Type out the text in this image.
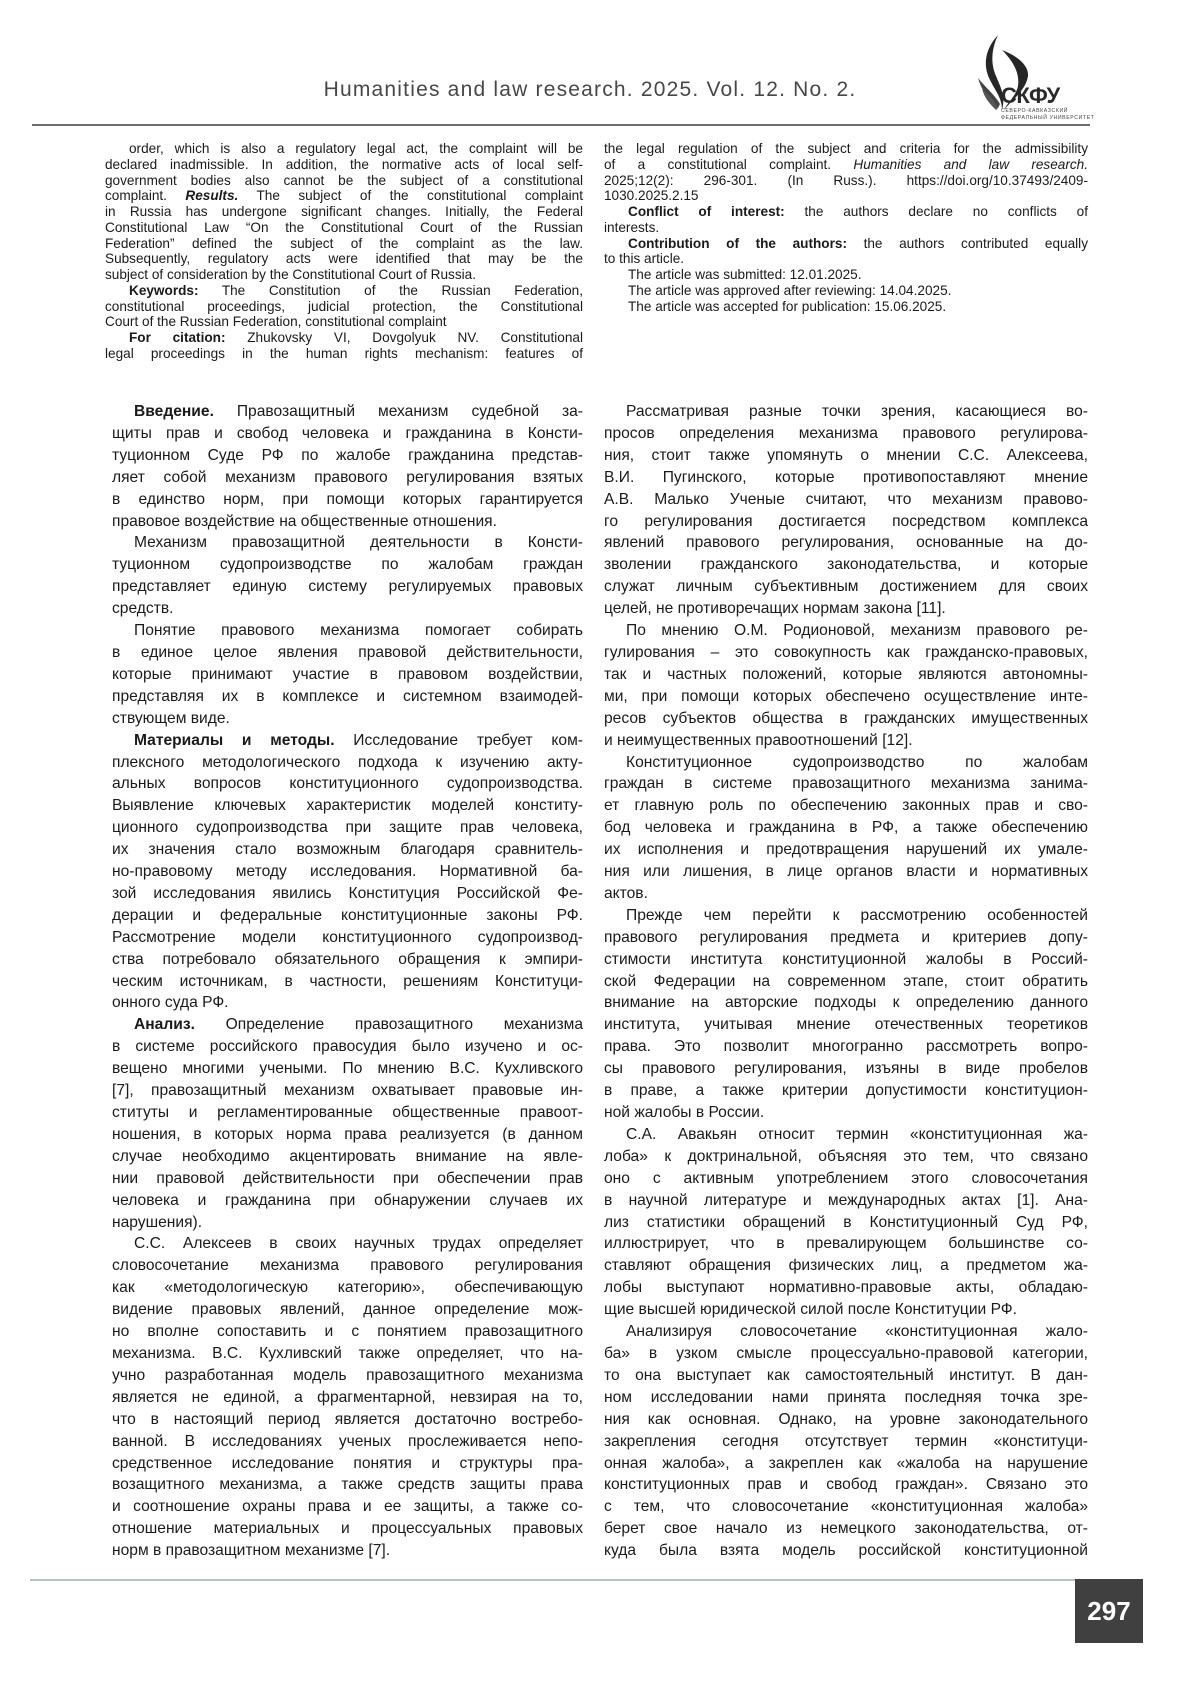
Humanities and law research. 2025. Vol. 12. No. 2.	СКФУ
СЕВЕРО-КАВКАЗСКИЙ
ФЕДЕРАЛЬНЫЙ УНИВЕРСИТЕТ
order, which is also a regulatory legal act, the complaint will be
declared inadmissible. In addition, the normative acts of local self-
government bodies also cannot be the subject of a constitutional
complaint. Results. The subject of the constitutional complaint
in Russia has undergone significant changes. Initially, the Federal
Constitutional Law “On the Constitutional Court of the Russian
Federation” defined the subject of the complaint as the law.
Subsequently, regulatory acts were identified that may be the
subject of consideration by the Constitutional Court of Russia.
Keywords: The Constitution of the Russian Federation,
constitutional proceedings, judicial protection, the Constitutional
Court of the Russian Federation, constitutional complaint
For citation: Zhukovsky VI, Dovgolyuk NV. Constitutional
legal proceedings in the human rights mechanism: features of
the legal regulation of the subject and criteria for the admissibility
of a constitutional complaint. Humanities and law research.
2025;12(2): 296-301. (In Russ.). https://doi.org/10.37493/2409-
1030.2025.2.15
Conflict of interest: the authors declare no conflicts of
interests.
Contribution of the authors: the authors contributed equally
to this article.
The article was submitted: 12.01.2025.
The article was approved after reviewing: 14.04.2025.
The article was accepted for publication: 15.06.2025.
Введение. Правозащитный механизм судебной за-
щиты прав и свобод человека и гражданина в Консти-
туционном Суде РФ по жалобе гражданина представ-
ляет собой механизм правового регулирования взятых
в единство норм, при помощи которых гарантируется
правовое воздействие на общественные отношения.
Механизм правозащитной деятельности в Консти-
туционном судопроизводстве по жалобам граждан
представляет единую систему регулируемых правовых
средств.
Понятие правового механизма помогает собирать
в единое целое явления правовой действительности,
которые принимают участие в правовом воздействии,
представляя их в комплексе и системном взаимодей-
ствующем виде.
Материалы и методы. Исследование требует ком-
плексного методологического подхода к изучению акту-
альных вопросов конституционного судопроизводства.
Выявление ключевых характеристик моделей конститу-
ционного судопроизводства при защите прав человека,
их значения стало возможным благодаря сравнитель-
но-правовому методу исследования. Нормативной ба-
зой исследования явились Конституция Российской Фе-
дерации и федеральные конституционные законы РФ.
Рассмотрение модели конституционного судопроизвод-
ства потребовало обязательного обращения к эмпири-
ческим источникам, в частности, решениям Конституци-
онного суда РФ.
Анализ. Определение правозащитного механизма
в системе российского правосудия было изучено и ос-
вещено многими учеными. По мнению В.С. Кухливского
[7], правозащитный механизм охватывает правовые ин-
ституты и регламентированные общественные правоот-
ношения, в которых норма права реализуется (в данном
случае необходимо акцентировать внимание на явле-
нии правовой действительности при обеспечении прав
человека и гражданина при обнаружении случаев их
нарушения).
С.С. Алексеев в своих научных трудах определяет
словосочетание механизма правового регулирования
как «методологическую категорию», обеспечивающую
видение правовых явлений, данное определение мож-
но вполне сопоставить и с понятием правозащитного
механизма. В.С. Кухливский также определяет, что на-
учно разработанная модель правозащитного механизма
является не единой, а фрагментарной, невзирая на то,
что в настоящий период является достаточно востребо-
ванной. В исследованиях ученых прослеживается непо-
средственное исследование понятия и структуры пра-
возащитного механизма, а также средств защиты права
и соотношение охраны права и ее защиты, а также со-
отношение материальных и процессуальных правовых
норм в правозащитном механизме [7].
Рассматривая разные точки зрения, касающиеся во-
просов определения механизма правового регулирова-
ния, стоит также упомянуть о мнении С.С. Алексеева,
В.И. Пугинского, которые противопоставляют мнение
А.В. Малько Ученые считают, что механизм правово-
го регулирования достигается посредством комплекса
явлений правового регулирования, основанные на до-
зволении гражданского законодательства, и которые
служат личным субъективным достижением для своих
целей, не противоречащих нормам закона [11].
По мнению О.М. Родионовой, механизм правового ре-
гулирования – это совокупность как гражданско-правовых,
так и частных положений, которые являются автономны-
ми, при помощи которых обеспечено осуществление инте-
ресов субъектов общества в гражданских имущественных
и неимущественных правоотношений [12].
Конституционное судопроизводство по жалобам
граждан в системе правозащитного механизма занима-
ет главную роль по обеспечению законных прав и сво-
бод человека и гражданина в РФ, а также обеспечению
их исполнения и предотвращения нарушений их умале-
ния или лишения, в лице органов власти и нормативных
актов.
Прежде чем перейти к рассмотрению особенностей
правового регулирования предмета и критериев допу-
стимости института конституционной жалобы в Россий-
ской Федерации на современном этапе, стоит обратить
внимание на авторские подходы к определению данного
института, учитывая мнение отечественных теоретиков
права. Это позволит многогранно рассмотреть вопро-
сы правового регулирования, изъяны в виде пробелов
в праве, а также критерии допустимости конституцион-
ной жалобы в России.
С.А. Авакьян относит термин «конституционная жа-
лоба» к доктринальной, объясняя это тем, что связано
оно с активным употреблением этого словосочетания
в научной литературе и международных актах [1]. Ана-
лиз статистики обращений в Конституционный Суд РФ,
иллюстрирует, что в превалирующем большинстве со-
ставляют обращения физических лиц, а предметом жа-
лобы выступают нормативно-правовые акты, обладаю-
щие высшей юридической силой после Конституции РФ.
Анализируя словосочетание «конституционная жало-
ба» в узком смысле процессуально-правовой категории,
то она выступает как самостоятельный институт. В дан-
ном исследовании нами принята последняя точка зре-
ния как основная. Однако, на уровне законодательного
закрепления сегодня отсутствует термин «конституци-
онная жалоба», а закреплен как «жалоба на нарушение
конституционных прав и свобод граждан». Связано это
с тем, что словосочетание «конституционная жалоба»
берет свое начало из немецкого законодательства, от-
куда была взята модель российской конституционной
297
